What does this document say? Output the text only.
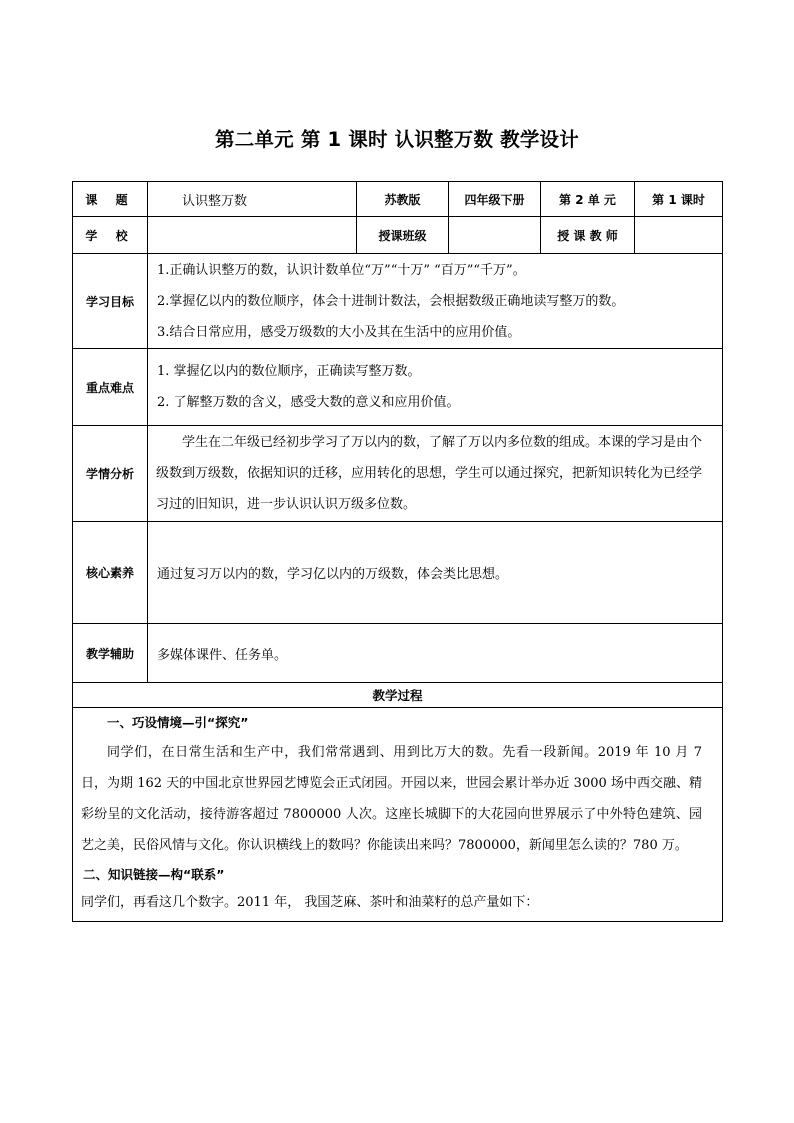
第二单元 第 1 课时 认识整万数 教学设计
课 题	认识整万数	苏教版	四年级下册	第 2 单 元	第 1 课时
学 校		授课班级		授 课 教 师	
学习目标	1.正确认识整万的数，认识计数单位“万”“十万” “百万”“千万”。
2.掌握亿以内的数位顺序，体会十进制计数法，会根据数级正确地读写整万的数。
3.结合日常应用，感受万级数的大小及其在生活中的应用价值。				

重点难点	1. 掌握亿以内的数位顺序，正确读写整万数。
2. 了解整万数的含义，感受大数的意义和应用价值。				

学情分析	学生在二年级已经初步学习了万以内的数，了解了万以内多位数的组成。本课的学习是由个级数到万级数，依据知识的迁移，应用转化的思想，学生可以通过探究，把新知识转化为已经学习过的旧知识，进一步认识认识万级多位数。				

核心素养	通过复习万以内的数，学习亿以内的万级数，体会类比思想。				
教学辅助	多媒体课件、任务单。				
教学过程					

一、巧设情境—引“探究”
同学们，在日常生活和生产中，我们常常遇到、用到比万大的数。先看一段新闻。2019 年 10 月 7 日，为期 162 天的中国北京世界园艺博览会正式闭园。开园以来，世园会累计举办近 3000 场中西交融、精彩纷呈的文化活动，接待游客超过 7800000 人次。这座长城脚下的大花园向世界展示了中外特色建筑、园艺之美，民俗风情与文化。你认识横线上的数吗？你能读出来吗？7800000，新闻里怎么读的？780 万。
二、知识链接—构“联系”
同学们，再看这几个数字。2011 年， 我国芝麻、茶叶和油菜籽的总产量如下：					
